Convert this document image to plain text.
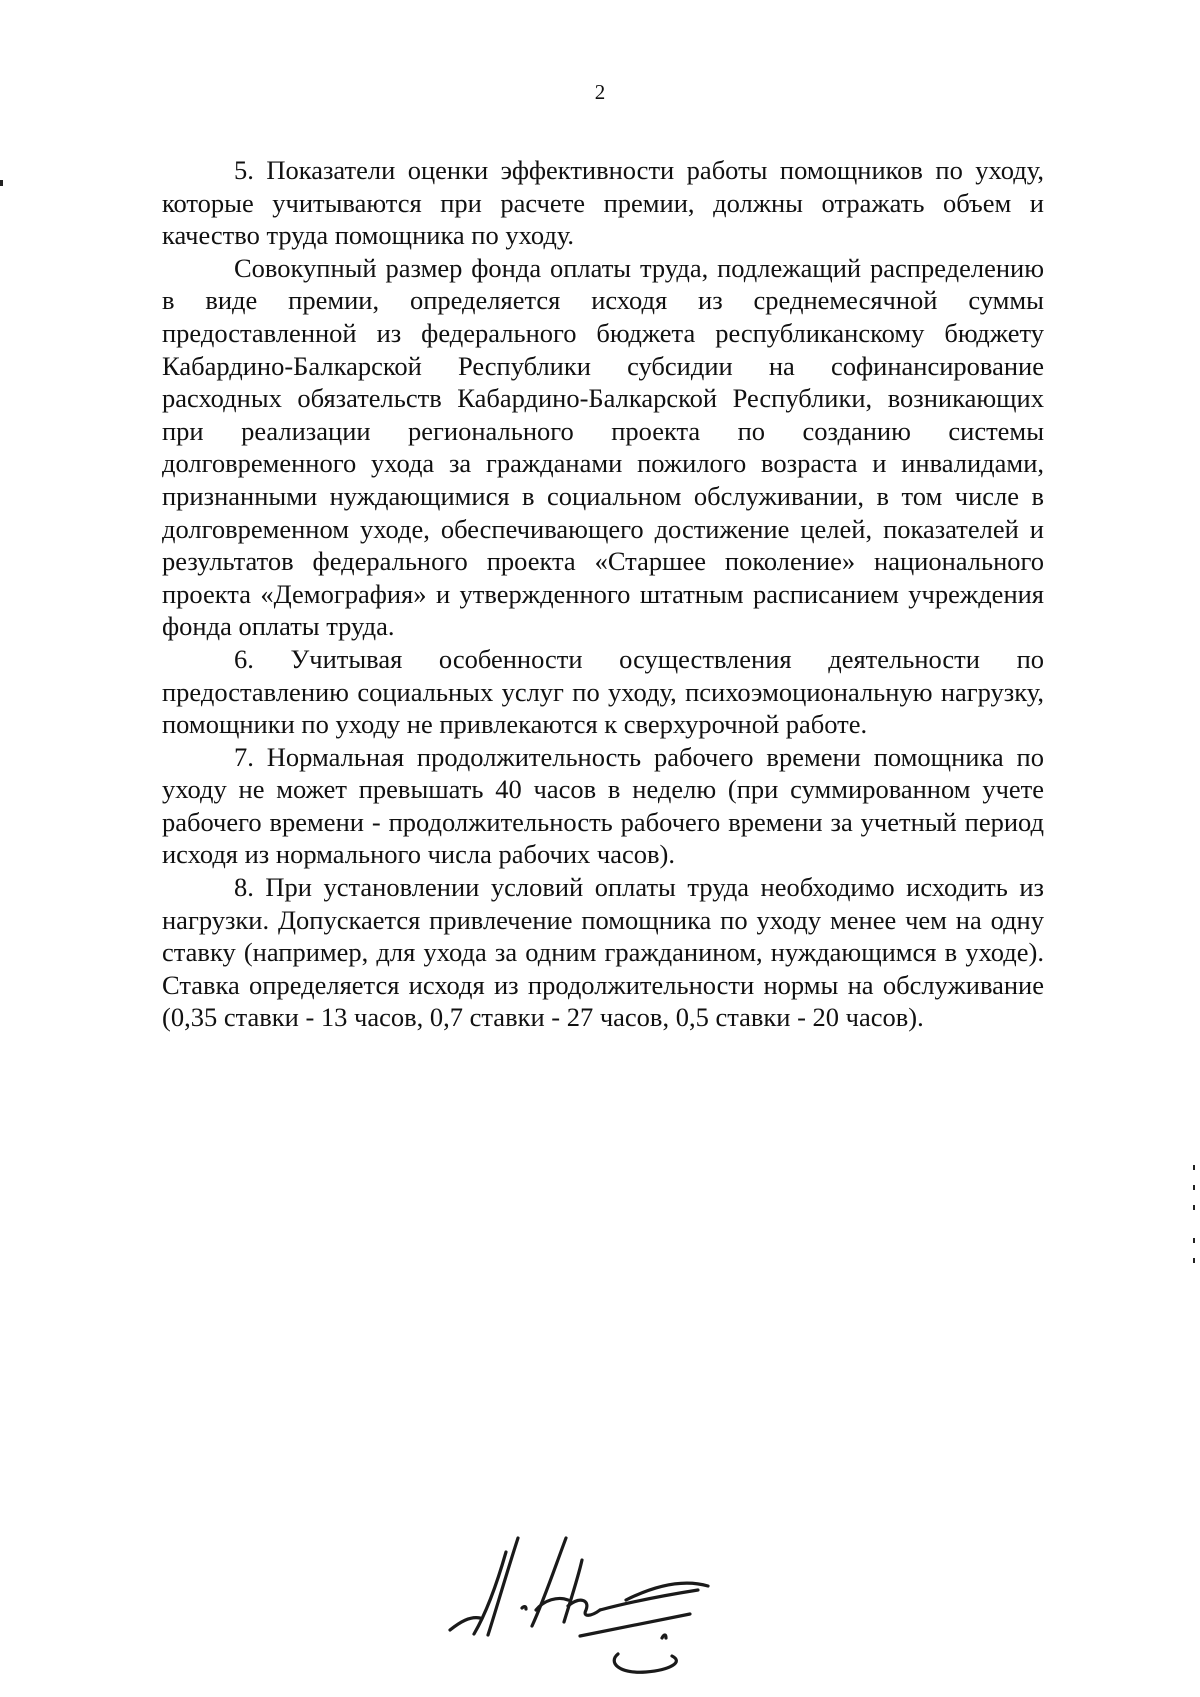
2

5. Показатели оценки эффективности работы помощников по уходу, которые учитываются при расчете премии, должны отражать объем и качество труда помощника по уходу.

Совокупный размер фонда оплаты труда, подлежащий распределению в виде премии, определяется исходя из среднемесячной суммы предоставленной из федерального бюджета республиканскому бюджету Кабардино-Балкарской Республики субсидии на софинансирование расходных обязательств Кабардино-Балкарской Республики, возникающих при реализации регионального проекта по созданию системы долговременного ухода за гражданами пожилого возраста и инвалидами, признанными нуждающимися в социальном обслуживании, в том числе в долговременном уходе, обеспечивающего достижение целей, показателей и результатов федерального проекта «Старшее поколение» национального проекта «Демография» и утвержденного штатным расписанием учреждения фонда оплаты труда.

6. Учитывая особенности осуществления деятельности по предоставлению социальных услуг по уходу, психоэмоциональную нагрузку, помощники по уходу не привлекаются к сверхурочной работе.

7. Нормальная продолжительность рабочего времени помощника по уходу не может превышать 40 часов в неделю (при суммированном учете рабочего времени - продолжительность рабочего времени за учетный период исходя из нормального числа рабочих часов).

8. При установлении условий оплаты труда необходимо исходить из нагрузки. Допускается привлечение помощника по уходу менее чем на одну ставку (например, для ухода за одним гражданином, нуждающимся в уходе). Ставка определяется исходя из продолжительности нормы на обслуживание (0,35 ставки - 13 часов, 0,7 ставки - 27 часов, 0,5 ставки - 20 часов).
